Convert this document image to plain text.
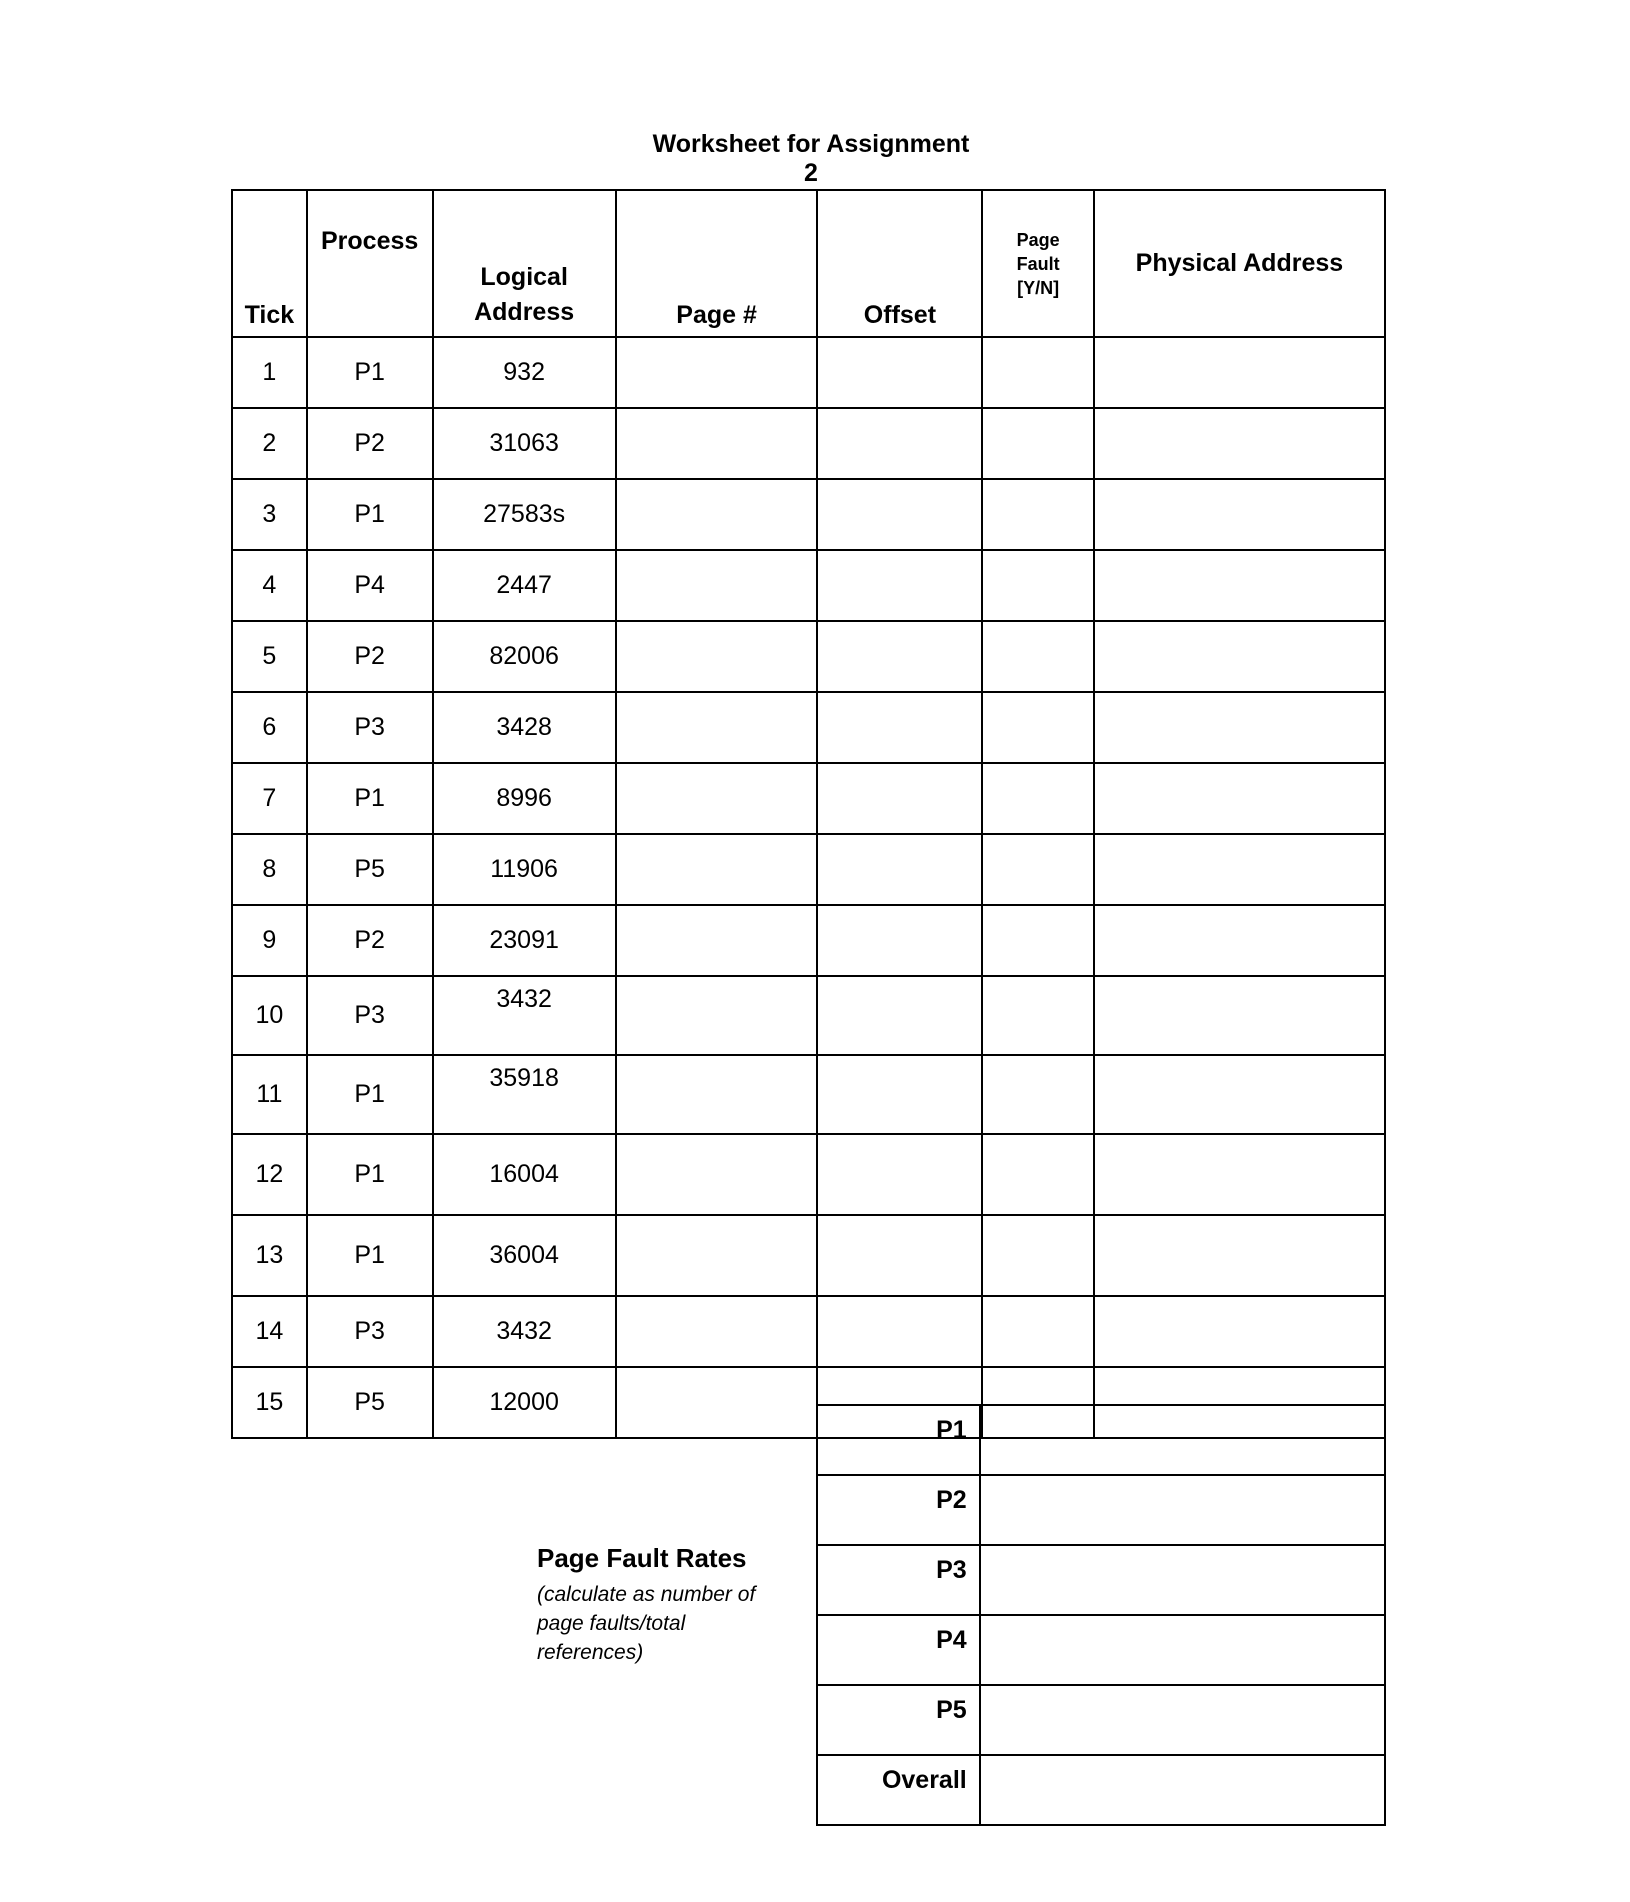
Worksheet for Assignment 2
Tick	Process	Logical Address	Page #	Offset	Page Fault [Y/N]	Physical Address
1	P1	932				
2	P2	31063				
3	P1	27583s				
4	P4	2447				
5	P2	82006				
6	P3	3428				
7	P1	8996				
8	P5	11906				
9	P2	23091				
10	P3	3432				
11	P1	35918				
12	P1	16004				
13	P1	36004				
14	P3	3432				
15	P5	12000				
Page Fault Rates
(calculate as number of page faults/total references)
P1	
P2	
P3	
P4	
P5	
Overall	
